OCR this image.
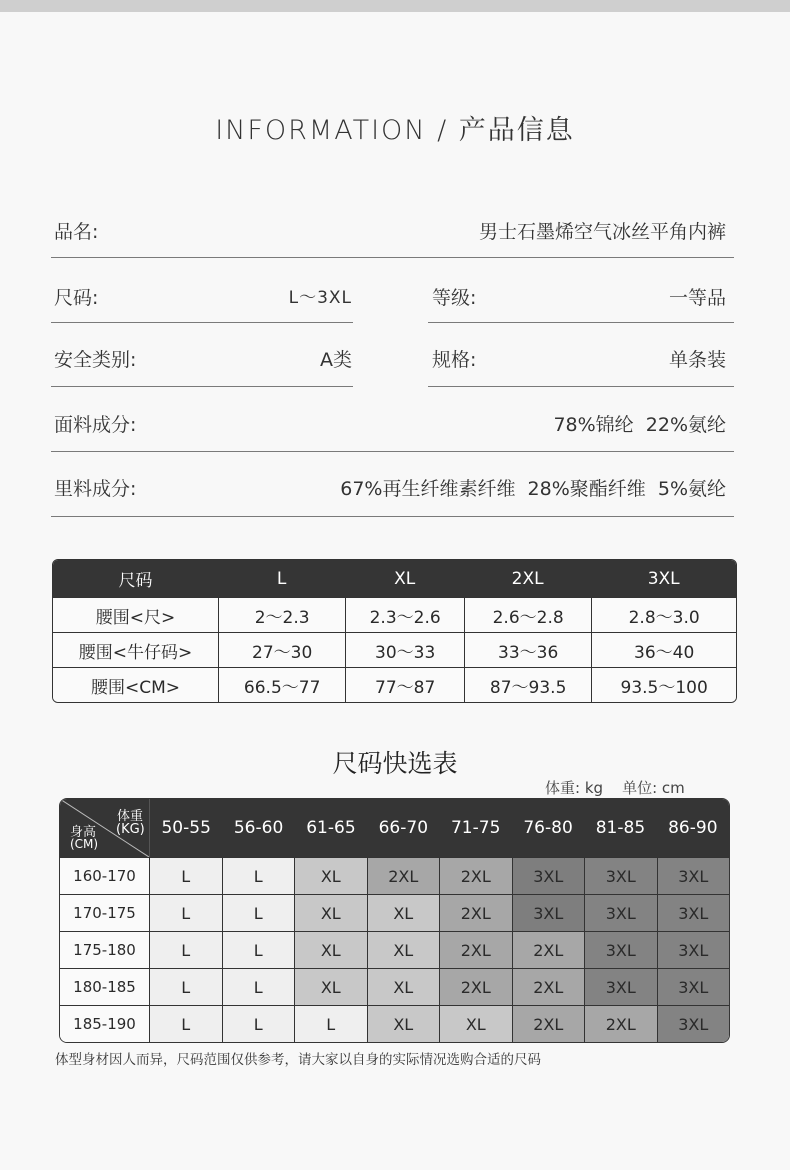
INFORMATION / 产品信息
品名:	男士石墨烯空气冰丝平角内裤
尺码:	L～3XL	等级:	一等品
安全类别:	A类	规格:	单条装
面料成分:	78%锦纶  22%氨纶
里料成分:	67%再生纤维素纤维  28%聚酯纤维  5%氨纶
尺码	L	XL	2XL	3XL
腰围<尺>	2～2.3	2.3～2.6	2.6～2.8	2.8～3.0
腰围<牛仔码>	27～30	30～33	33～36	36～40
腰围<CM>	66.5～77	77～87	87～93.5	93.5～100
尺码快选表
体重: kg    单位: cm
体重
(KG)
身高
(CM)
50-55	56-60	61-65	66-70	71-75	76-80	81-85	86-90
160-170	L	L	XL	2XL	2XL	3XL	3XL	3XL
170-175	L	L	XL	XL	2XL	3XL	3XL	3XL
175-180	L	L	XL	XL	2XL	2XL	3XL	3XL
180-185	L	L	XL	XL	2XL	2XL	3XL	3XL
185-190	L	L	L	XL	XL	2XL	2XL	3XL
体型身材因人而异，尺码范围仅供参考，请大家以自身的实际情况选购合适的尺码
